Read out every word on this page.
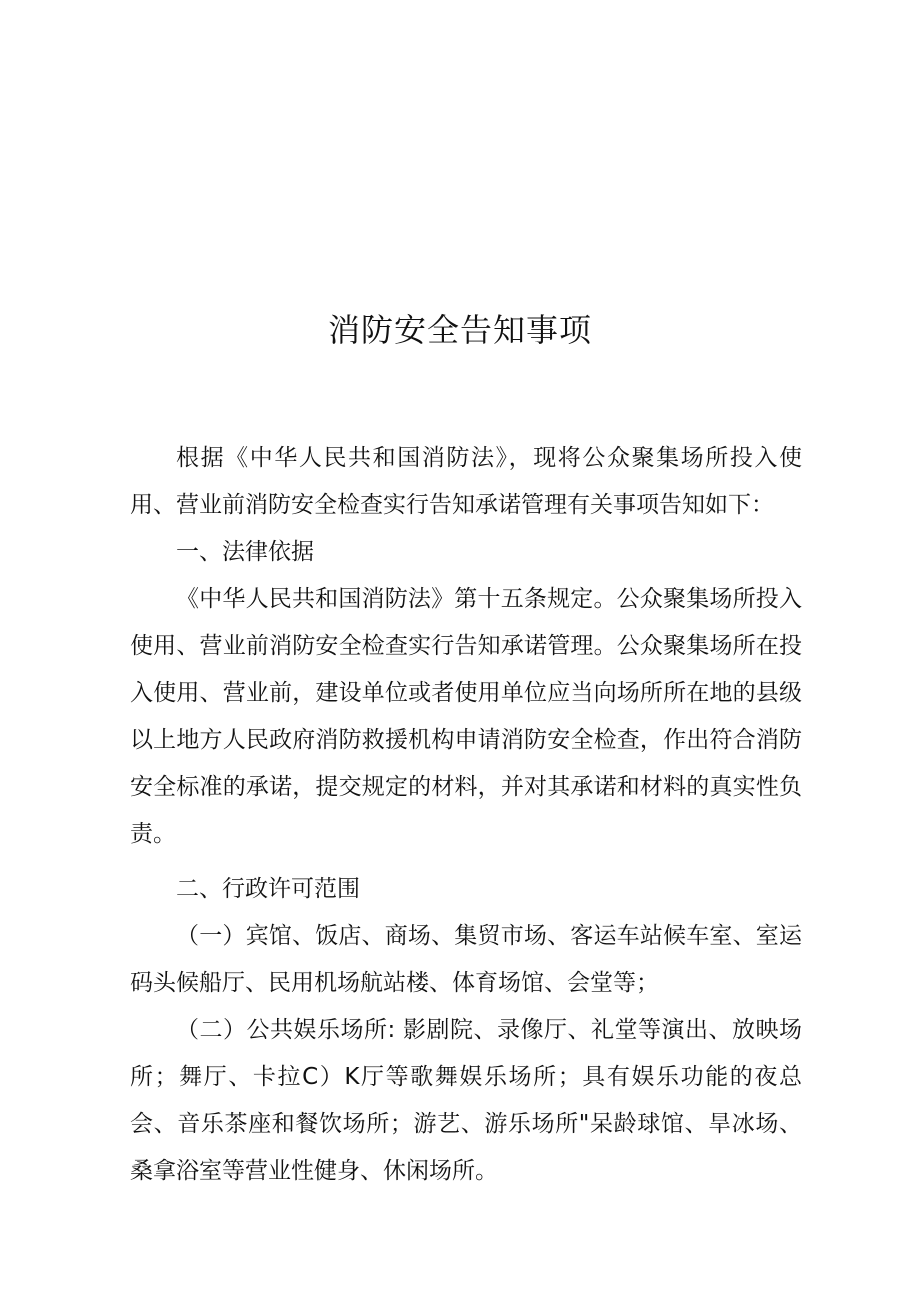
消防安全告知事项

根据《中华人民共和国消防法》，现将公众聚集场所投入使用、营业前消防安全检查实行告知承诺管理有关事项告知如下：

一、法律依据

《中华人民共和国消防法》第十五条规定。公众聚集场所投入使用、营业前消防安全检查实行告知承诺管理。公众聚集场所在投入使用、营业前，建设单位或者使用单位应当向场所所在地的县级以上地方人民政府消防救援机构申请消防安全检查，作出符合消防安全标准的承诺，提交规定的材料，并对其承诺和材料的真实性负责。

二、行政许可范围

（一）宾馆、饭店、商场、集贸市场、客运车站候车室、室运码头候船厅、民用机场航站楼、体育场馆、会堂等；

（二）公共娱乐场所: 影剧院、录像厅、礼堂等演出、放映场所；舞厅、卡拉C）K厅等歌舞娱乐场所；具有娱乐功能的夜总会、音乐茶座和餐饮场所；游艺、游乐场所"呆龄球馆、旱冰场、桑拿浴室等营业性健身、休闲场所。
